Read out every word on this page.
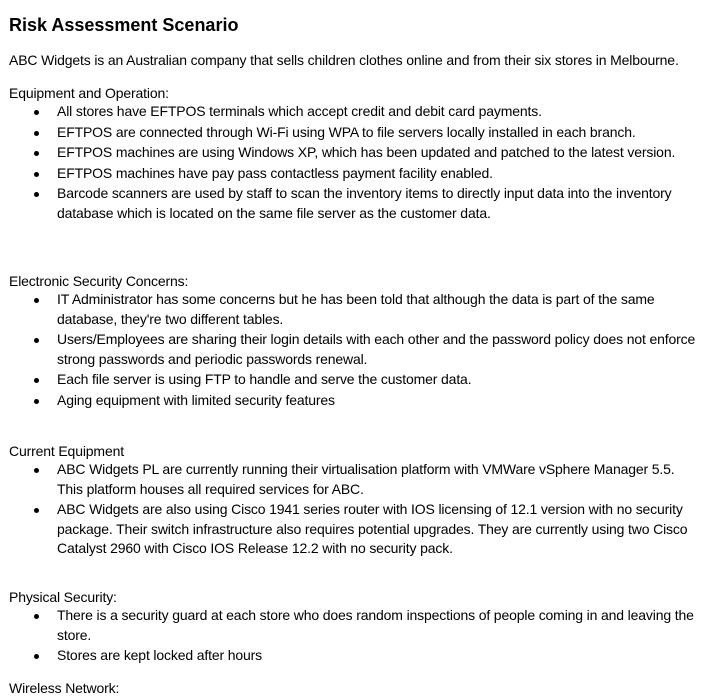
Risk Assessment Scenario
ABC Widgets is an Australian company that sells children clothes online and from their six stores in Melbourne.
Equipment and Operation:
All stores have EFTPOS terminals which accept credit and debit card payments.
EFTPOS are connected through Wi-Fi using WPA to file servers locally installed in each branch.
EFTPOS machines are using Windows XP, which has been updated and patched to the latest version.
EFTPOS machines have pay pass contactless payment facility enabled.
Barcode scanners are used by staff to scan the inventory items to directly input data into the inventory database which is located on the same file server as the customer data.
Electronic Security Concerns:
IT Administrator has some concerns but he has been told that although the data is part of the same database, they're two different tables.
Users/Employees are sharing their login details with each other and the password policy does not enforce strong passwords and periodic passwords renewal.
Each file server is using FTP to handle and serve the customer data.
Aging equipment with limited security features
Current Equipment
ABC Widgets PL are currently running their virtualisation platform with VMWare vSphere Manager 5.5. This platform houses all required services for ABC.
ABC Widgets are also using Cisco 1941 series router with IOS licensing of 12.1 version with no security package. Their switch infrastructure also requires potential upgrades. They are currently using two Cisco Catalyst 2960 with Cisco IOS Release 12.2 with no security pack.
Physical Security:
There is a security guard at each store who does random inspections of people coming in and leaving the store.
Stores are kept locked after hours
Wireless Network:
